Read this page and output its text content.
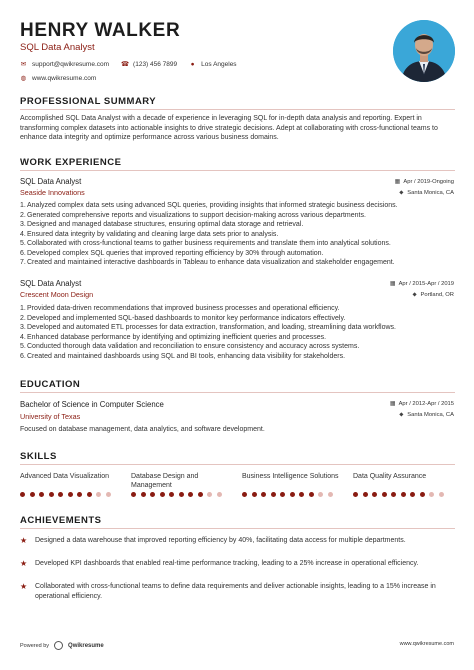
HENRY WALKER
SQL Data Analyst
✉ support@qwikresume.com ☎ (123) 456 7899 ● Los Angeles
◍ www.qwikresume.com
PROFESSIONAL SUMMARY
Accomplished SQL Data Analyst with a decade of experience in leveraging SQL for in-depth data analysis and reporting. Expert in transforming complex datasets into actionable insights to drive strategic decisions. Adept at collaborating with cross-functional teams to enhance data integrity and optimize performance across various business domains.
WORK EXPERIENCE
SQL Data Analyst
Seaside Innovations
▦ Apr / 2019-Ongoing
⬥ Santa Monica, CA
1. Analyzed complex data sets using advanced SQL queries, providing insights that informed strategic business decisions.
2. Generated comprehensive reports and visualizations to support decision-making across various departments.
3. Designed and managed database structures, ensuring optimal data storage and retrieval.
4. Ensured data integrity by validating and cleaning large data sets prior to analysis.
5. Collaborated with cross-functional teams to gather business requirements and translate them into analytical solutions.
6. Developed complex SQL queries that improved reporting efficiency by 30% through automation.
7. Created and maintained interactive dashboards in Tableau to enhance data visualization and stakeholder engagement.
SQL Data Analyst
Crescent Moon Design
▦ Apr / 2015-Apr / 2019
⬥ Portland, OR
1. Provided data-driven recommendations that improved business processes and operational efficiency.
2. Developed and implemented SQL-based dashboards to monitor key performance indicators effectively.
3. Developed and automated ETL processes for data extraction, transformation, and loading, streamlining data workflows.
4. Enhanced database performance by identifying and optimizing inefficient queries and processes.
5. Conducted thorough data validation and reconciliation to ensure consistency and accuracy across systems.
6. Created and maintained dashboards using SQL and BI tools, enhancing data visibility for stakeholders.
EDUCATION
Bachelor of Science in Computer Science
University of Texas
▦ Apr / 2012-Apr / 2015
⬥ Santa Monica, CA
Focused on database management, data analytics, and software development.
SKILLS
Advanced Data Visualization	Database Design and Management
Business Intelligence Solutions	Data Quality Assurance
ACHIEVEMENTS
★	Designed a data warehouse that improved reporting efficiency by 40%, facilitating data access for multiple departments.
★	Developed KPI dashboards that enabled real-time performance tracking, leading to a 25% increase in operational efficiency.
★	Collaborated with cross-functional teams to define data requirements and deliver actionable insights, leading to a 15% increase in operational efficiency.
Powered by	Qwikresume	www.qwikresume.com
